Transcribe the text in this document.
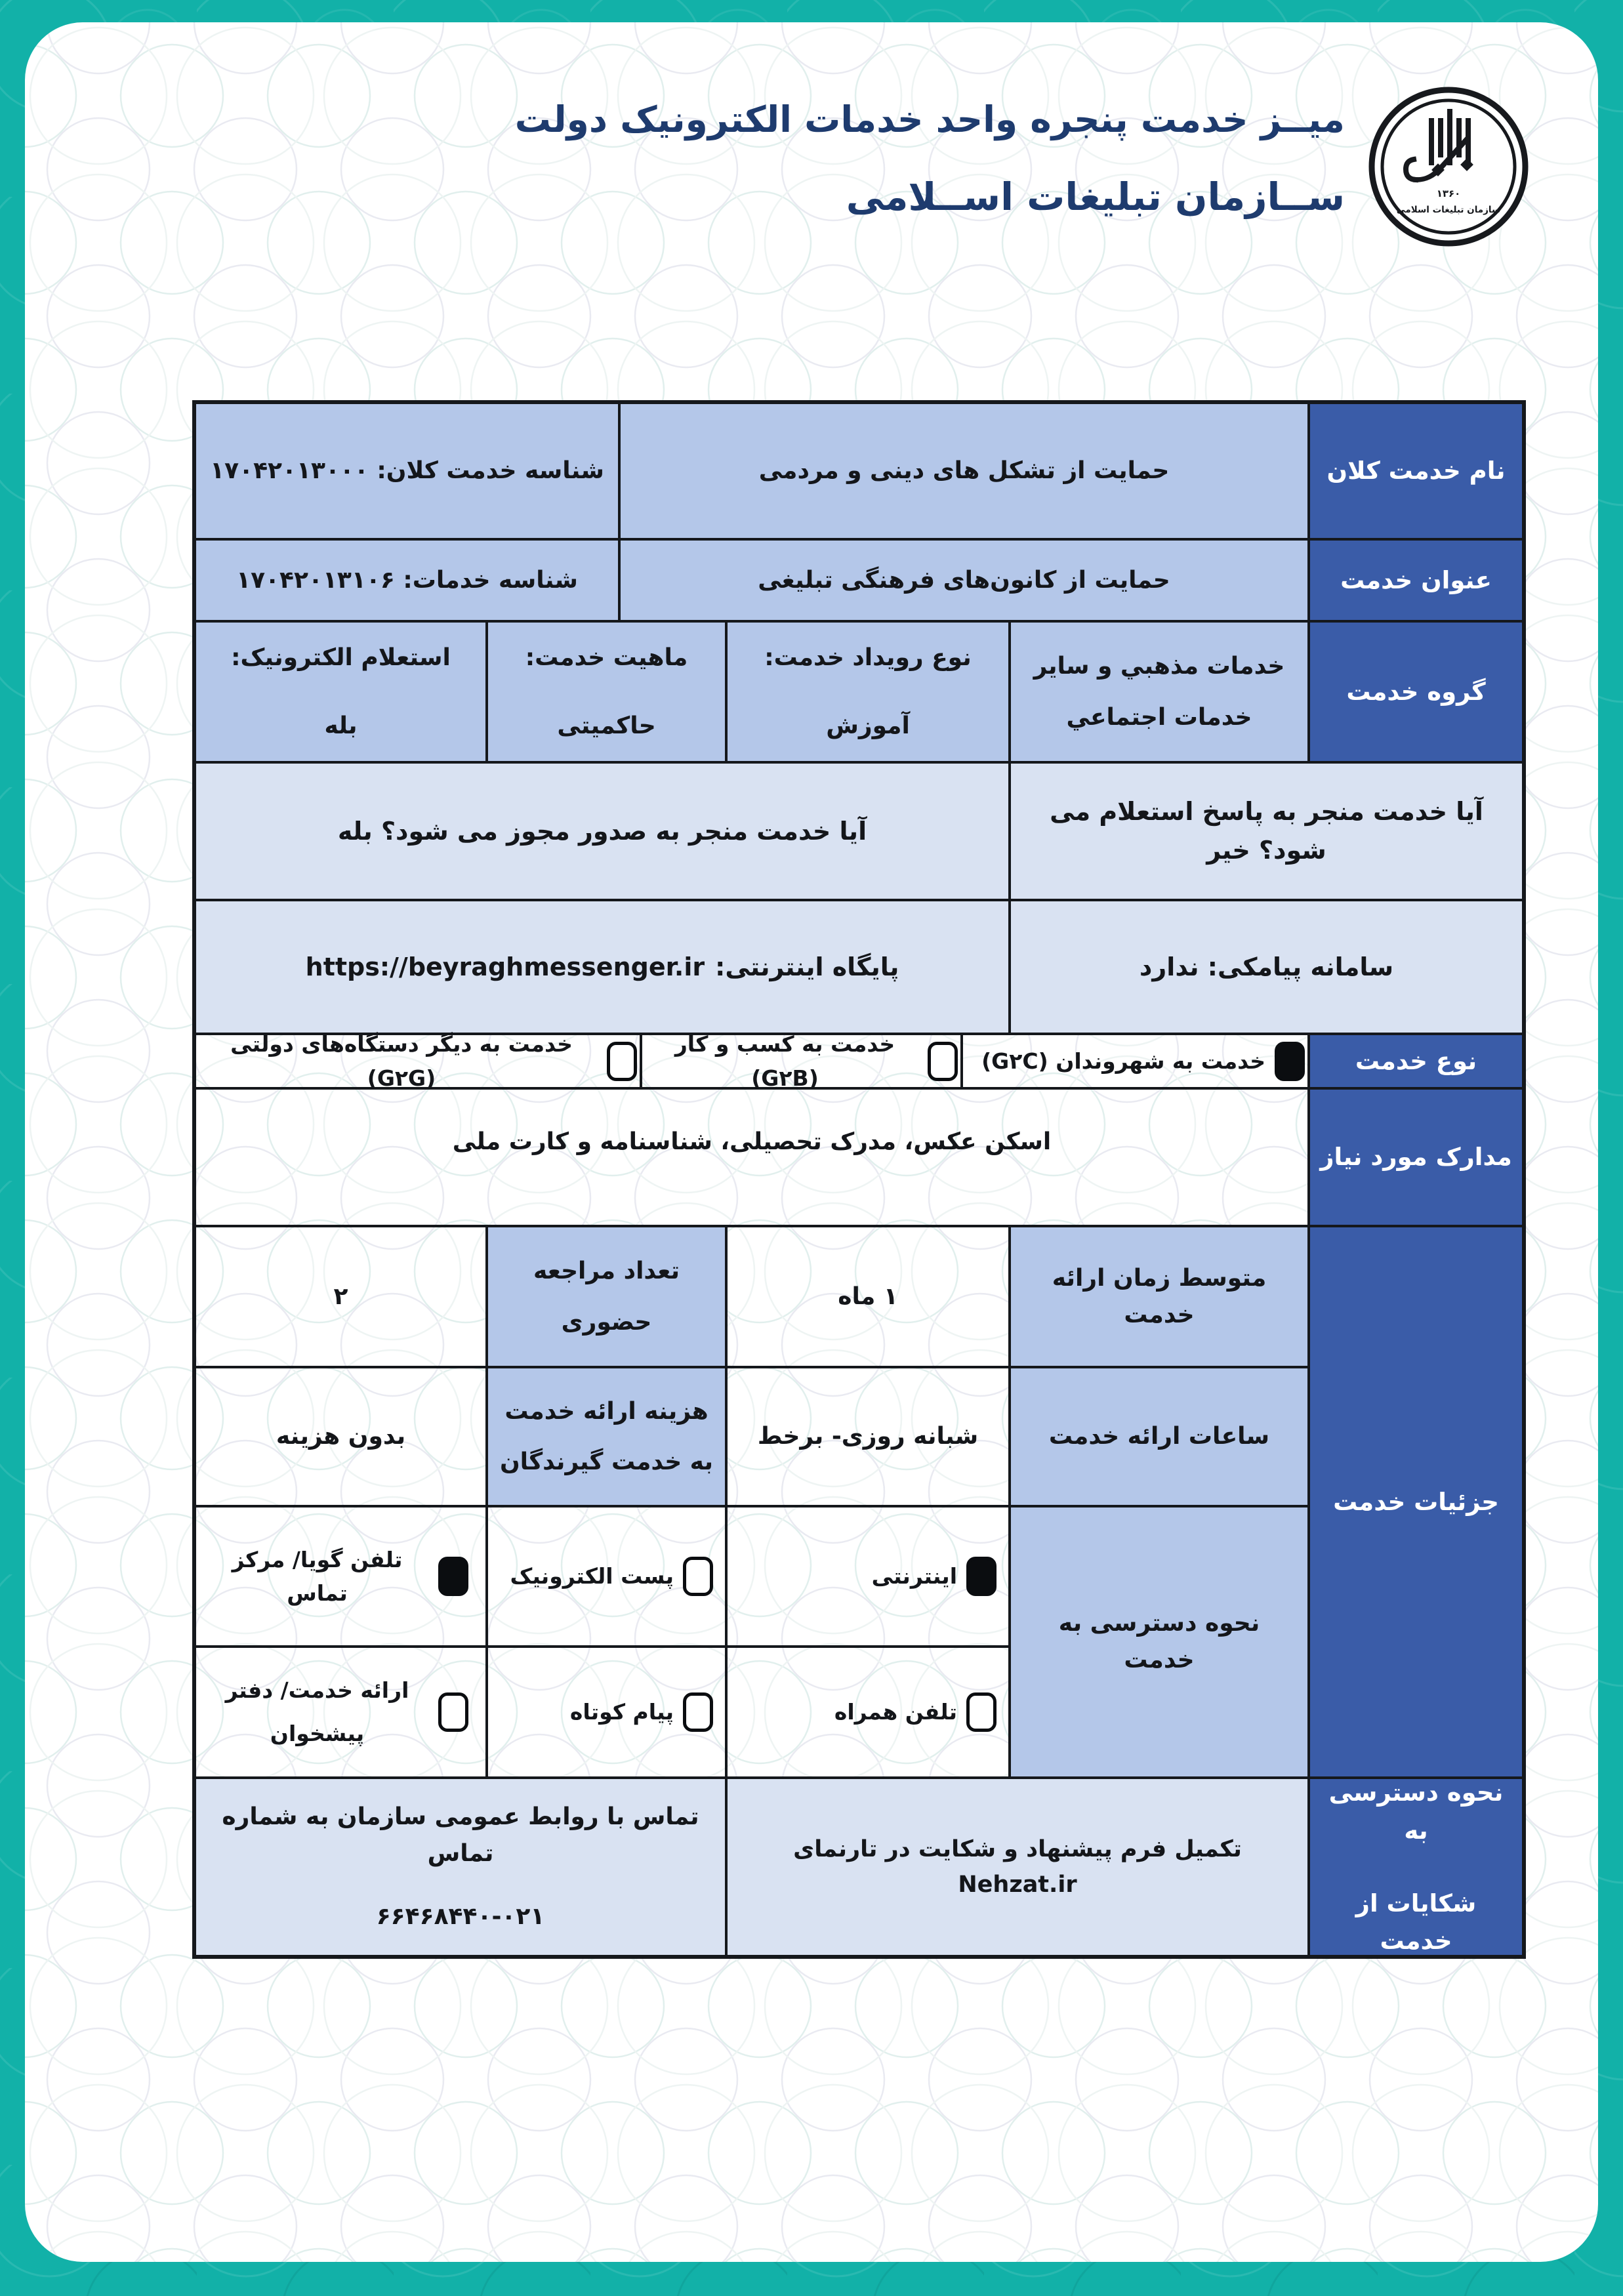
میــز خدمت پنجره واحد خدمات الکترونیک دولت
ســازمان تبلیغات اســلامی	۱۳۶۰
سازمان تبلیغات اسلامی
نام خدمت کلان
حمایت از تشکل های دینی و مردمی
شناسه خدمت کلان: ۱۷۰۴۲۰۱۳۰۰۰
عنوان خدمت
حمایت از کانون‌های فرهنگی تبلیغی
شناسه خدمات: ۱۷۰۴۲۰۱۳۱۰۶
گروه خدمت
خدمات مذهبي و ساير خدمات اجتماعي
نوع رویداد خدمت:
آموزش
ماهیت خدمت:
حاکمیتی
استعلام الکترونیک:
بله
آیا خدمت منجر به پاسخ استعلام می شود؟ خیر
آیا خدمت منجر به صدور مجوز می شود؟ بله
سامانه پیامکی: ندارد
پایگاه اینترنتی:
https://beyraghmessenger.ir
نوع خدمت
خدمت به شهروندان (G۲C)
خدمت به کسب و کار (G۲B)
خدمت به دیگر دستگاه‌های دولتی (G۲G)
مدارک مورد نیاز
اسکن عکس، مدرک تحصیلی، شناسنامه و کارت ملی
جزئیات خدمت
متوسط زمان ارائه خدمت
۱ ماه
تعداد مراجعه حضوری
۲
ساعات ارائه خدمت
شبانه روزی- برخط
هزینه ارائه خدمت به خدمت گیرندگان
بدون هزینه
نحوه دسترسی به خدمت
اینترنتی
پست الکترونیک
تلفن گویا/ مرکز تماس
تلفن همراه
پیام کوتاه
ارائه خدمت/ دفتر پیشخوان
نحوه دسترسی به
شکایات از خدمت
تکمیل فرم پیشنهاد و شکایت در تارنمای Nehzat.ir
تماس با روابط عمومی سازمان به شماره تماس
۶۶۴۶۸۴۴۰-۰۲۱
